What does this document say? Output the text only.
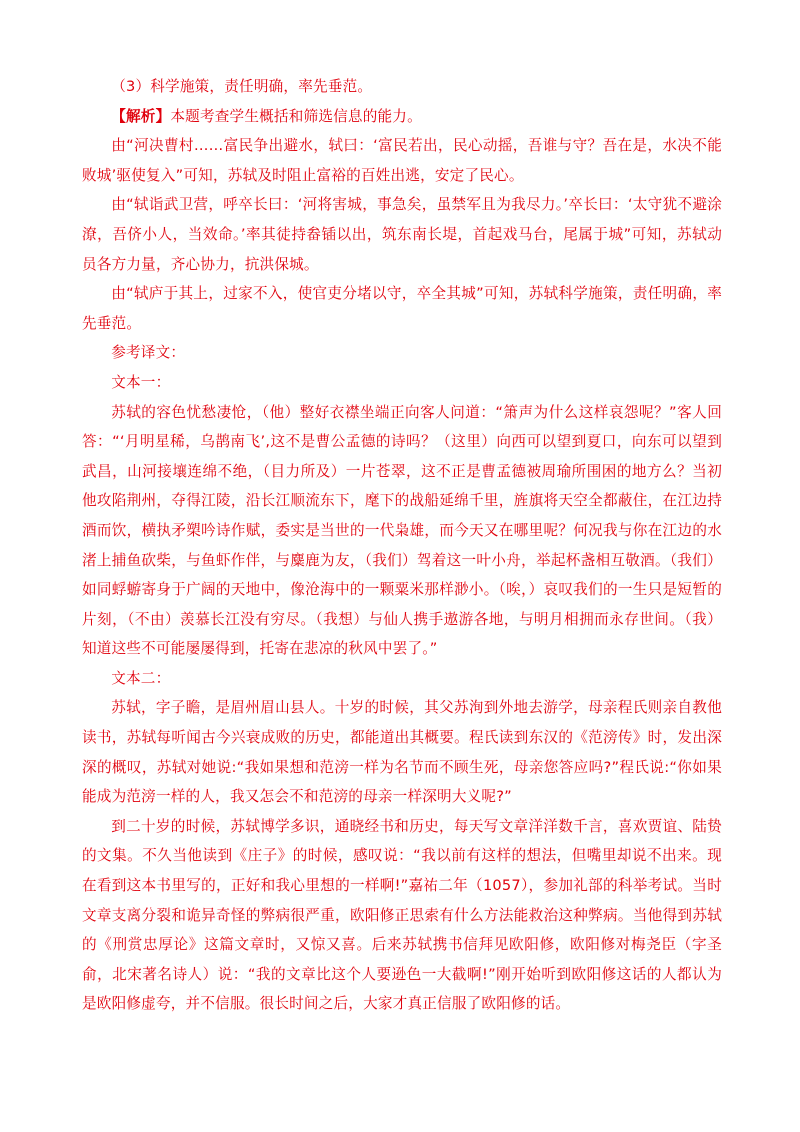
（3）科学施策，责任明确，率先垂范。

【解析】本题考查学生概括和筛选信息的能力。

由“河决曹村……富民争出避水，轼曰：‘富民若出，民心动摇，吾谁与守？吾在是，水决不能败城’驱使复入”可知，苏轼及时阻止富裕的百姓出逃，安定了民心。

由“轼诣武卫营，呼卒长曰：‘河将害城，事急矣，虽禁军且为我尽力。’卒长曰：‘太守犹不避涂潦，吾侪小人，当效命。’率其徒持畚锸以出，筑东南长堤，首起戏马台，尾属于城”可知，苏轼动员各方力量，齐心协力，抗洪保城。

由“轼庐于其上，过家不入，使官吏分堵以守，卒全其城”可知，苏轼科学施策，责任明确，率先垂范。

参考译文：

文本一：

苏轼的容色忧愁凄怆，（他）整好衣襟坐端正向客人问道：“箫声为什么这样哀怨呢？”客人回答：“‘月明星稀，乌鹊南飞’,这不是曹公孟德的诗吗？（这里）向西可以望到夏口，向东可以望到武昌，山河接壤连绵不绝，（目力所及）一片苍翠，这不正是曹孟德被周瑜所围困的地方么？当初他攻陷荆州，夺得江陵，沿长江顺流东下，麾下的战船延绵千里，旌旗将天空全都蔽住，在江边持酒而饮，横执矛槊吟诗作赋，委实是当世的一代枭雄，而今天又在哪里呢？何况我与你在江边的水渚上捕鱼砍柴，与鱼虾作伴，与麋鹿为友，（我们）驾着这一叶小舟，举起杯盏相互敬酒。（我们）如同蜉蝣寄身于广阔的天地中，像沧海中的一颗粟米那样渺小。（唉，）哀叹我们的一生只是短暂的片刻，（不由）羡慕长江没有穷尽。（我想）与仙人携手遨游各地，与明月相拥而永存世间。（我）知道这些不可能屡屡得到，托寄在悲凉的秋风中罢了。”

文本二：

苏轼，字子瞻，是眉州眉山县人。十岁的时候，其父苏洵到外地去游学，母亲程氏则亲自教他读书，苏轼每听闻古今兴衰成败的历史，都能道出其概要。程氏读到东汉的《范滂传》时，发出深深的概叹，苏轼对她说:“我如果想和范滂一样为名节而不顾生死，母亲您答应吗?”程氏说:“你如果能成为范滂一样的人，我又怎会不和范滂的母亲一样深明大义呢?”

到二十岁的时候，苏轼博学多识，通晓经书和历史，每天写文章洋洋数千言，喜欢贾谊、陆贽的文集。不久当他读到《庄子》的时候，感叹说：“我以前有这样的想法，但嘴里却说不出来。现在看到这本书里写的，正好和我心里想的一样啊!”嘉祐二年（1057），参加礼部的科举考试。当时文章支离分裂和诡异奇怪的弊病很严重，欧阳修正思索有什么方法能救治这种弊病。当他得到苏轼的《刑赏忠厚论》这篇文章时，又惊又喜。后来苏轼携书信拜见欧阳修，欧阳修对梅尧臣（字圣俞，北宋著名诗人）说：“我的文章比这个人要逊色一大截啊!”刚开始听到欧阳修这话的人都认为是欧阳修虚夸，并不信服。很长时间之后，大家才真正信服了欧阳修的话。
